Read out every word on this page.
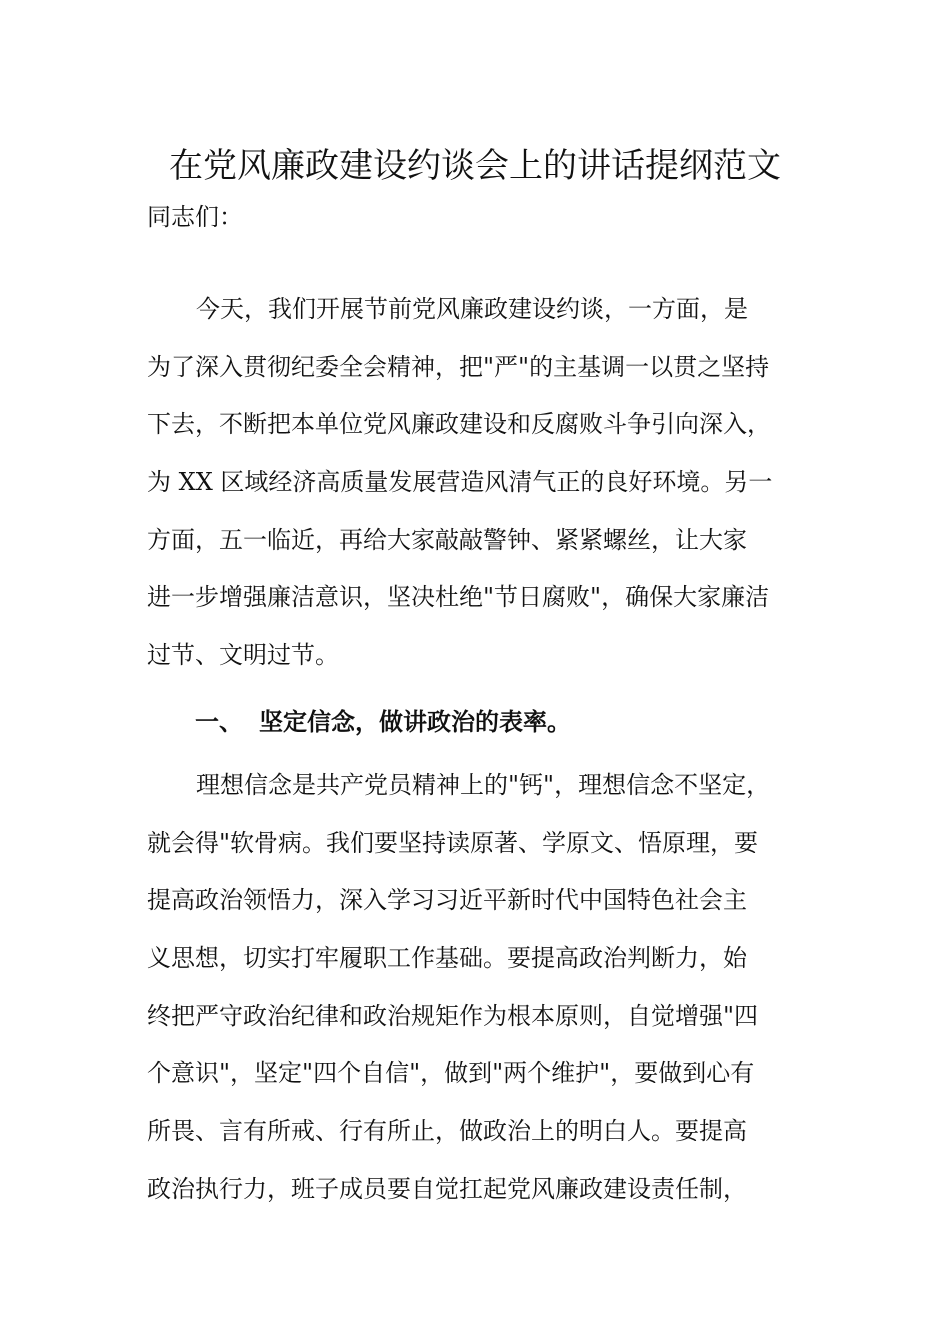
在党风廉政建设约谈会上的讲话提纲范文
同志们：
今天，我们开展节前党风廉政建设约谈，一方面，是
为了深入贯彻纪委全会精神，把"严"的主基调一以贯之坚持
下去，不断把本单位党风廉政建设和反腐败斗争引向深入，
为 XX 区域经济高质量发展营造风清气正的良好环境。另一
方面，五一临近，再给大家敲敲警钟、紧紧螺丝，让大家
进一步增强廉洁意识，坚决杜绝"节日腐败"，确保大家廉洁
过节、文明过节。
一、 坚定信念，做讲政治的表率。
理想信念是共产党员精神上的"钙"，理想信念不坚定，
就会得"软骨病。我们要坚持读原著、学原文、悟原理，要
提高政治领悟力，深入学习习近平新时代中国特色社会主
义思想，切实打牢履职工作基础。要提高政治判断力，始
终把严守政治纪律和政治规矩作为根本原则，自觉增强"四
个意识"，坚定"四个自信"，做到"两个维护"，要做到心有
所畏、言有所戒、行有所止，做政治上的明白人。要提高
政治执行力，班子成员要自觉扛起党风廉政建设责任制，
